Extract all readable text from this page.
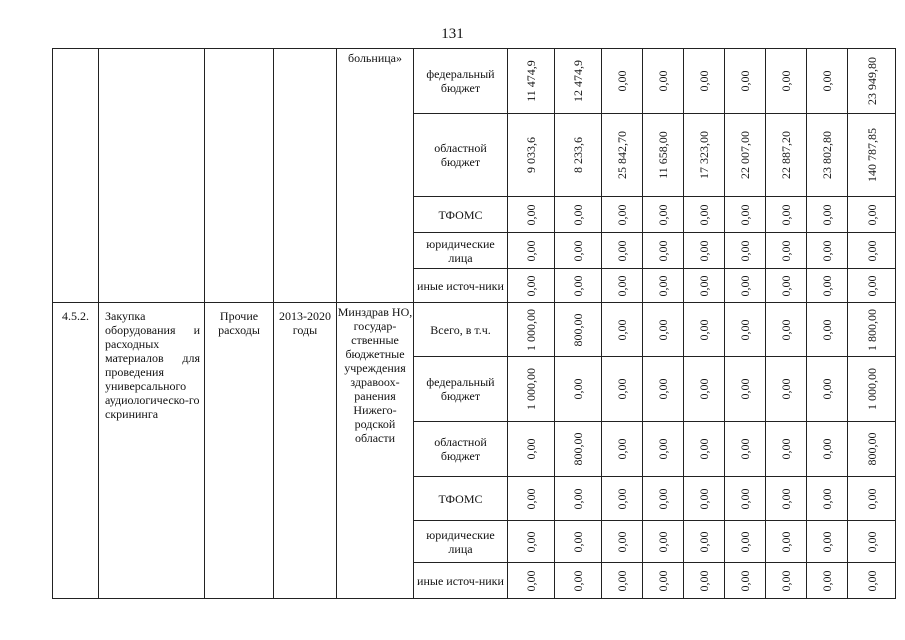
131
				больница»	федеральный бюджет	11 474,9	12 474,9	0,00	0,00	0,00	0,00	0,00	0,00	23 949,80

					областной бюджет	9 033,6	8 233,6	25 842,70	11 658,00	17 323,00	22 007,00	22 887,20	23 802,80	140 787,85

					ТФОМС	0,00	0,00	0,00	0,00	0,00	0,00	0,00	0,00	0,00

					юридические лица	0,00	0,00	0,00	0,00	0,00	0,00	0,00	0,00	0,00

					иные источ-ники	0,00	0,00	0,00	0,00	0,00	0,00	0,00	0,00	0,00

4.5.2.	Закупка оборудования и расходных материалов для проведения универсального аудиологическо-го скрининга	Прочие расходы	2013-2020 годы	Минздрав НО, государ-ственные бюджетные учреждения здравоох-ранения Нижего-родской области	Всего, в т.ч.	1 000,00	800,00	0,00	0,00	0,00	0,00	0,00	0,00	1 800,00

					федеральный бюджет	1 000,00	0,00	0,00	0,00	0,00	0,00	0,00	0,00	1 000,00

					областной бюджет	0,00	800,00	0,00	0,00	0,00	0,00	0,00	0,00	800,00

					ТФОМС	0,00	0,00	0,00	0,00	0,00	0,00	0,00	0,00	0,00

					юридические лица	0,00	0,00	0,00	0,00	0,00	0,00	0,00	0,00	0,00

					иные источ-ники	0,00	0,00	0,00	0,00	0,00	0,00	0,00	0,00	0,00
